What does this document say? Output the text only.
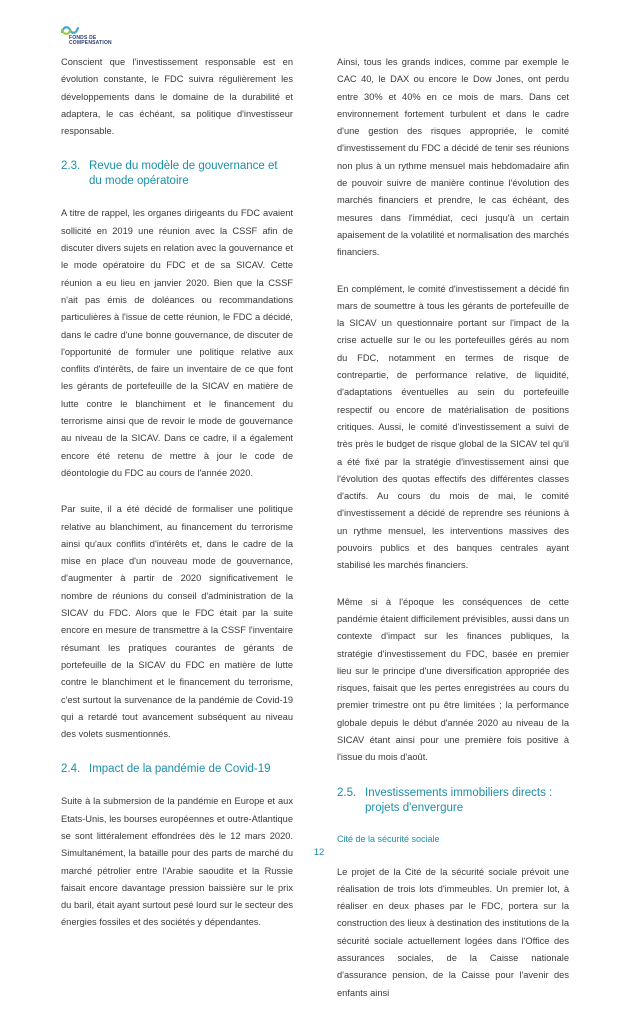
FONDS DE
COMPENSATION

Conscient que l'investissement responsable est en évolution constante, le FDC suivra régulièrement les développements dans le domaine de la durabilité et adaptera, le cas échéant, sa politique d'investisseur responsable.

2.3. Revue du modèle de gouvernance et du mode opératoire

A titre de rappel, les organes dirigeants du FDC avaient sollicité en 2019 une réunion avec la CSSF afin de discuter divers sujets en relation avec la gouvernance et le mode opératoire du FDC et de sa SICAV. Cette réunion a eu lieu en janvier 2020. Bien que la CSSF n'ait pas émis de doléances ou recommandations particulières à l'issue de cette réunion, le FDC a décidé, dans le cadre d'une bonne gouvernance, de discuter de l'opportunité de formuler une politique relative aux conflits d'intérêts, de faire un inventaire de ce que font les gérants de portefeuille de la SICAV en matière de lutte contre le blanchiment et le financement du terrorisme ainsi que de revoir le mode de gouvernance au niveau de la SICAV. Dans ce cadre, il a également encore été retenu de mettre à jour le code de déontologie du FDC au cours de l'année 2020.

Par suite, il a été décidé de formaliser une politique relative au blanchiment, au financement du terrorisme ainsi qu'aux conflits d'intérêts et, dans le cadre de la mise en place d'un nouveau mode de gouvernance, d'augmenter à partir de 2020 significativement le nombre de réunions du conseil d'administration de la SICAV du FDC. Alors que le FDC était par la suite encore en mesure de transmettre à la CSSF l'inventaire résumant les pratiques courantes de gérants de portefeuille de la SICAV du FDC en matière de lutte contre le blanchiment et le financement du terrorisme, c'est surtout la survenance de la pandémie de Covid-19 qui a retardé tout avancement subséquent au niveau des volets susmentionnés.

2.4. Impact de la pandémie de Covid-19

Suite à la submersion de la pandémie en Europe et aux Etats-Unis, les bourses européennes et outre-Atlantique se sont littéralement effondrées dès le 12 mars 2020. Simultanément, la bataille pour des parts de marché du marché pétrolier entre l'Arabie saoudite et la Russie faisait encore davantage pression baissière sur le prix du baril, était ayant surtout pesé lourd sur le secteur des énergies fossiles et des sociétés y dépendantes.

Ainsi, tous les grands indices, comme par exemple le CAC 40, le DAX ou encore le Dow Jones, ont perdu entre 30% et 40% en ce mois de mars. Dans cet environnement fortement turbulent et dans le cadre d'une gestion des risques appropriée, le comité d'investissement du FDC a décidé de tenir ses réunions non plus à un rythme mensuel mais hebdomadaire afin de pouvoir suivre de manière continue l'évolution des marchés financiers et prendre, le cas échéant, des mesures dans l'immédiat, ceci jusqu'à un certain apaisement de la volatilité et normalisation des marchés financiers.

En complément, le comité d'investissement a décidé fin mars de soumettre à tous les gérants de portefeuille de la SICAV un questionnaire portant sur l'impact de la crise actuelle sur le ou les portefeuilles gérés au nom du FDC, notamment en termes de risque de contrepartie, de performance relative, de liquidité, d'adaptations éventuelles au sein du portefeuille respectif ou encore de matérialisation de positions critiques. Aussi, le comité d'investissement a suivi de très près le budget de risque global de la SICAV tel qu'il a été fixé par la stratégie d'investissement ainsi que l'évolution des quotas effectifs des différentes classes d'actifs. Au cours du mois de mai, le comité d'investissement a décidé de reprendre ses réunions à un rythme mensuel, les interventions massives des pouvoirs publics et des banques centrales ayant stabilisé les marchés financiers.

Même si à l'époque les conséquences de cette pandémie étaient difficilement prévisibles, aussi dans un contexte d'impact sur les finances publiques, la stratégie d'investissement du FDC, basée en premier lieu sur le principe d'une diversification appropriée des risques, faisait que les pertes enregistrées au cours du premier trimestre ont pu être limitées ; la performance globale depuis le début d'année 2020 au niveau de la SICAV étant ainsi pour une première fois positive à l'issue du mois d'août.

2.5. Investissements immobiliers directs : projets d'envergure
Cité de la sécurité sociale

Le projet de la Cité de la sécurité sociale prévoit une réalisation de trois lots d'immeubles. Un premier lot, à réaliser en deux phases par le FDC, portera sur la construction des lieux à destination des institutions de la sécurité sociale actuellement logées dans l'Office des assurances sociales, de la Caisse nationale d'assurance pension, de la Caisse pour l'avenir des enfants ainsi

12
